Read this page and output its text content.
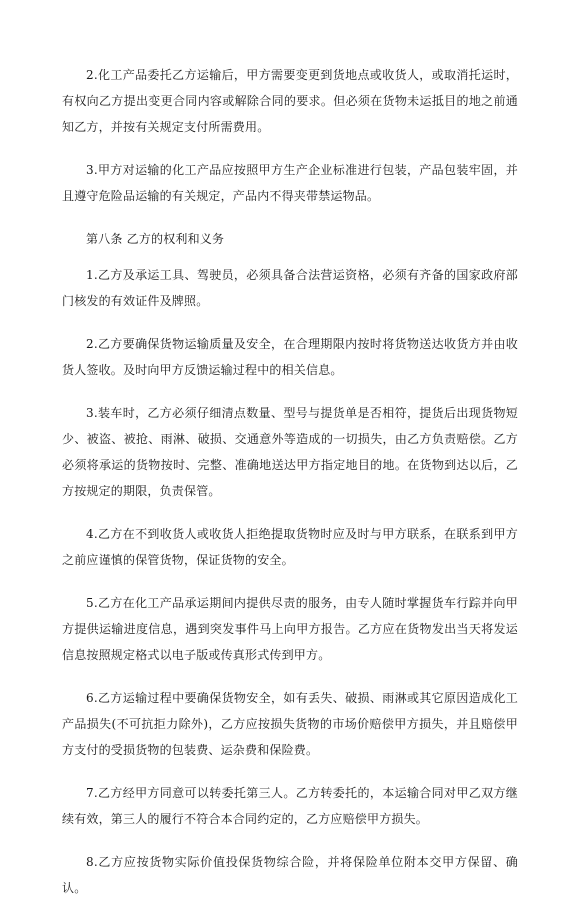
2.化工产品委托乙方运输后，甲方需要变更到货地点或收货人，或取消托运时，有权向乙方提出变更合同内容或解除合同的要求。但必须在货物未运抵目的地之前通知乙方，并按有关规定支付所需费用。

3.甲方对运输的化工产品应按照甲方生产企业标准进行包装，产品包装牢固，并且遵守危险品运输的有关规定，产品内不得夹带禁运物品。

第八条 乙方的权利和义务

1.乙方及承运工具、驾驶员，必须具备合法营运资格，必须有齐备的国家政府部门核发的有效证件及牌照。

2.乙方要确保货物运输质量及安全，在合理期限内按时将货物送达收货方并由收货人签收。及时向甲方反馈运输过程中的相关信息。

3.装车时，乙方必须仔细清点数量、型号与提货单是否相符，提货后出现货物短少、被盗、被抢、雨淋、破损、交通意外等造成的一切损失，由乙方负责赔偿。乙方必须将承运的货物按时、完整、准确地送达甲方指定地目的地。在货物到达以后，乙方按规定的期限，负责保管。

4.乙方在不到收货人或收货人拒绝提取货物时应及时与甲方联系，在联系到甲方之前应谨慎的保管货物，保证货物的安全。

5.乙方在化工产品承运期间内提供尽责的服务，由专人随时掌握货车行踪并向甲方提供运输进度信息，遇到突发事件马上向甲方报告。乙方应在货物发出当天将发运信息按照规定格式以电子版或传真形式传到甲方。

6.乙方运输过程中要确保货物安全，如有丢失、破损、雨淋或其它原因造成化工产品损失(不可抗拒力除外)，乙方应按损失货物的市场价赔偿甲方损失，并且赔偿甲方支付的受损货物的包装费、运杂费和保险费。

7.乙方经甲方同意可以转委托第三人。乙方转委托的，本运输合同对甲乙双方继续有效，第三人的履行不符合本合同约定的，乙方应赔偿甲方损失。

8.乙方应按货物实际价值投保货物综合险，并将保险单位附本交甲方保留、确认。
